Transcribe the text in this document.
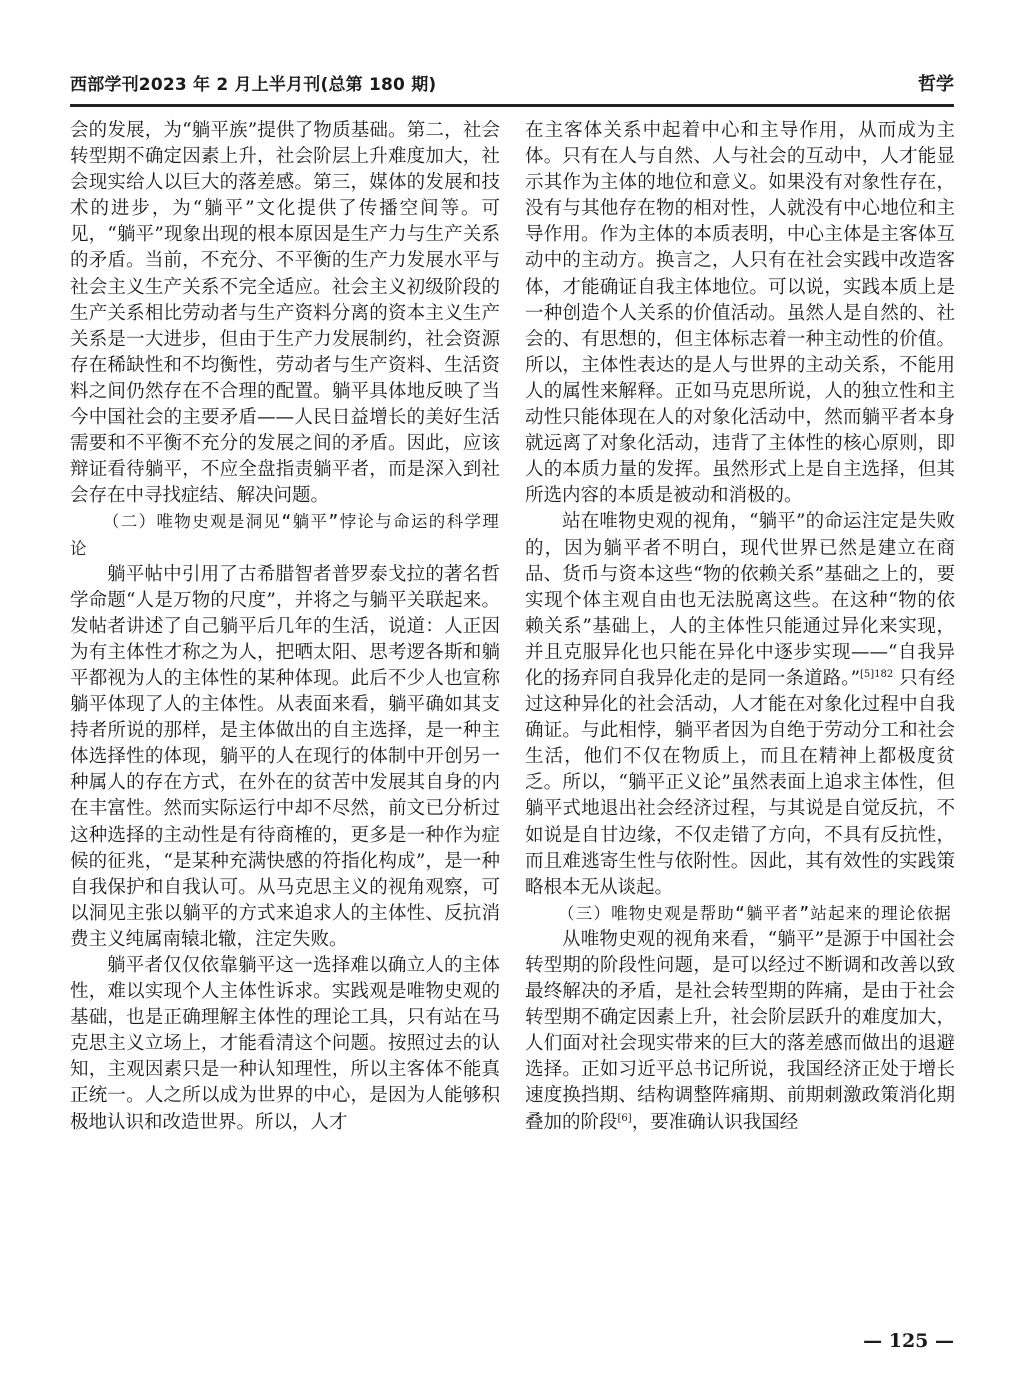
西部学刊2023 年 2 月上半月刊(总第 180 期)	哲学

会的发展，为“躺平族”提供了物质基础。第二，社会转型期不确定因素上升，社会阶层上升难度加大，社会现实给人以巨大的落差感。第三，媒体的发展和技术的进步，为“躺平”文化提供了传播空间等。可见，“躺平”现象出现的根本原因是生产力与生产关系的矛盾。当前，不充分、不平衡的生产力发展水平与社会主义生产关系不完全适应。社会主义初级阶段的生产关系相比劳动者与生产资料分离的资本主义生产关系是一大进步，但由于生产力发展制约，社会资源存在稀缺性和不均衡性，劳动者与生产资料、生活资料之间仍然存在不合理的配置。躺平具体地反映了当今中国社会的主要矛盾——人民日益增长的美好生活需要和不平衡不充分的发展之间的矛盾。因此，应该辩证看待躺平，不应全盘指责躺平者，而是深入到社会存在中寻找症结、解决问题。

（二）唯物史观是洞见“躺平”悖论与命运的科学理论

躺平帖中引用了古希腊智者普罗泰戈拉的著名哲学命题“人是万物的尺度”，并将之与躺平关联起来。发帖者讲述了自己躺平后几年的生活，说道：人正因为有主体性才称之为人，把晒太阳、思考逻各斯和躺平都视为人的主体性的某种体现。此后不少人也宣称躺平体现了人的主体性。从表面来看，躺平确如其支持者所说的那样，是主体做出的自主选择，是一种主体选择性的体现，躺平的人在现行的体制中开创另一种属人的存在方式，在外在的贫苦中发展其自身的内在丰富性。然而实际运行中却不尽然，前文已分析过这种选择的主动性是有待商榷的，更多是一种作为症候的征兆，“是某种充满快感的符指化构成”，是一种自我保护和自我认可。从马克思主义的视角观察，可以洞见主张以躺平的方式来追求人的主体性、反抗消费主义纯属南辕北辙，注定失败。

躺平者仅仅依靠躺平这一选择难以确立人的主体性，难以实现个人主体性诉求。实践观是唯物史观的基础，也是正确理解主体性的理论工具，只有站在马克思主义立场上，才能看清这个问题。按照过去的认知，主观因素只是一种认知理性，所以主客体不能真正统一。人之所以成为世界的中心，是因为人能够积极地认识和改造世界。所以，人才

在主客体关系中起着中心和主导作用，从而成为主体。只有在人与自然、人与社会的互动中，人才能显示其作为主体的地位和意义。如果没有对象性存在，没有与其他存在物的相对性，人就没有中心地位和主导作用。作为主体的本质表明，中心主体是主客体互动中的主动方。换言之，人只有在社会实践中改造客体，才能确证自我主体地位。可以说，实践本质上是一种创造个人关系的价值活动。虽然人是自然的、社会的、有思想的，但主体标志着一种主动性的价值。所以，主体性表达的是人与世界的主动关系，不能用人的属性来解释。正如马克思所说，人的独立性和主动性只能体现在人的对象化活动中，然而躺平者本身就远离了对象化活动，违背了主体性的核心原则，即人的本质力量的发挥。虽然形式上是自主选择，但其所选内容的本质是被动和消极的。

站在唯物史观的视角，“躺平”的命运注定是失败的，因为躺平者不明白，现代世界已然是建立在商品、货币与资本这些“物的依赖关系”基础之上的，要实现个体主观自由也无法脱离这些。在这种“物的依赖关系”基础上，人的主体性只能通过异化来实现，并且克服异化也只能在异化中逐步实现——“自我异化的扬弃同自我异化走的是同一条道路。”$^{[5]182}$ 只有经过这种异化的社会活动，人才能在对象化过程中自我确证。与此相悖，躺平者因为自绝于劳动分工和社会生活，他们不仅在物质上，而且在精神上都极度贫乏。所以，“躺平正义论”虽然表面上追求主体性，但躺平式地退出社会经济过程，与其说是自觉反抗，不如说是自甘边缘，不仅走错了方向，不具有反抗性，而且难逃寄生性与依附性。因此，其有效性的实践策略根本无从谈起。

（三）唯物史观是帮助“躺平者”站起来的理论依据

从唯物史观的视角来看，“躺平”是源于中国社会转型期的阶段性问题，是可以经过不断调和改善以致最终解决的矛盾，是社会转型期的阵痛，是由于社会转型期不确定因素上升，社会阶层跃升的难度加大，人们面对社会现实带来的巨大的落差感而做出的退避选择。正如习近平总书记所说，我国经济正处于增长速度换挡期、结构调整阵痛期、前期刺激政策消化期叠加的阶段[6]，要准确认识我国经

— 125 —
